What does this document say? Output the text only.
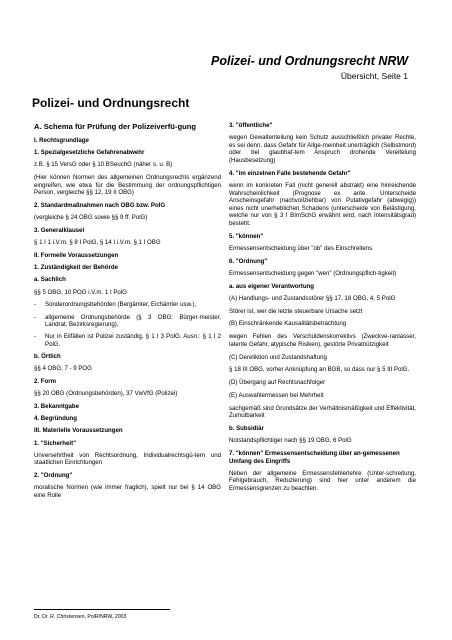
Polizei- und Ordnungsrecht NRW
Übersicht, Seite 1
Polizei- und Ordnungsrecht
A. Schema für Prüfung der Polizeiverfü-gung
I. Rechtsgrundlage
1. Spezialgesetzliche Gefahrenabwehr
z.B. § 15 VersG oder § 10 BSeuchG (näher s. u. B)
(Hier können Normen des allgemeinen Ordnungsrechts ergänzend eingreifen, wie etwa für die Bestimmung der ordnungspflichtigen Person, vergleiche §§ 12, 19 II OBG)
2. Standardmaßnahmen nach OBG bzw. PolG
(vergleiche § 24 OBG sowie §§ 9 ff. PolG)
3. Generalklausel
§ 1 I 1 i.V.m. § 8 I PolG, § 14 I i.V.m. § 1 I OBG
II. Formelle Voraussetzungen
1. Zuständigkeit der Behörde
a. Sachlich
§§ 5 OBG, 10 POG i.V.m. 1 I PolG
-	Sonderordnungsbehörden (Bergämter, Eichämter usw.),
-	allgemeine Ordnungsbehörde (§ 3 OBG: Bürger-meister, Landrat, Bezirksregierung),
-	Nur in Eilfällen ist Polizei zuständig, § 1 I 3 PolG. Ausn.: § 1 I 2 PolG.
b. Örtlich
§§ 4 OBG, 7 - 9 POG
2. Form
§§ 20 OBG (Ordnungsbehörden), 37 VwVfG (Polizei)
3. Bekanntgabe
4. Begründung
III. Materielle Voraussetzungen
1. "Sicherheit"
Unversehrtheit von Rechtsordnung, Individualrechtsgü-tern und staatlichen Einrichtungen
2. "Ordnung"
moralische Normen (wie immer fraglich), spielt nur bei § 14 OBG eine Rolle
3. "öffentliche"
wegen Gewaltenteilung kein Schutz ausschließlich privater Rechte, es sei denn, dass Gefahr für Allge-meinheit unerträglich (Selbstmord) oder bei glaubhaf-tem Anspruch drohende Vereitelung (Hausbesetzung)
4. "im einzelnen Falle bestehende Gefahr"
wenn im konkreten Fall (nicht generell abstrakt) eine hinreichende Wahrscheinlichkeit (Prognose ex ante. Unterscheide Anscheinsgefahr (nachvollziehbar) von Putativgefahr (abwegig)) eines nicht unerheblichen Schadens (unterscheide von Belästigung, welche nur von § 3 I BImSchG erwähnt wird, nach Intensitätsgrad) besteht.
5. "können"
Ermessensentscheidung über "ob" des Einschreitens
6. "Ordnung"
Ermessensentscheidung gegen "wen" (Ordnungspflich-tigkeit)
a. aus eigener Verantwortung
(A) Handlungs- und Zustandsstörer §§ 17, 18 OBG, 4, 5 PolG
Störer ist, wer die letzte steuerbare Ursache setzt
(B) Einschränkende Kausalitätsbetrachtung
wegen Fehlen des Verschuldenskorrektivs (Zweckve-ranlasser, latente Gefahr, atypische Risiken), gestörte Privatnützigkeit
(C) Dereliktion und Zustandshaftung
§ 18 III OBG, vorher Anknüpfung an BGB, so dass nur § 5 III PolG.
(D) Übergang auf Rechtsnachfolger
(E) Auswahlermessen bei Mehrheit
sachgemäß sind Grundsätze der Verhältnismäßigkeit und Effektivität, Zumutbarkeit
b. Subsidiär
Notstandspflichtiger nach §§ 19 OBG, 6 PolG
7. "können" Ermessensentscheidung über an-gemessenen Umfang des Eingriffs
Neben der allgemeine Ermessensfehlerlehre (Unter-schreitung, Fehlgebrauch, Reduzierung) sind hier unter anderem die Ermessensgrenzen zu beachten.
Dr. Dr. R. Christensen, PolR/NRW, 2003
